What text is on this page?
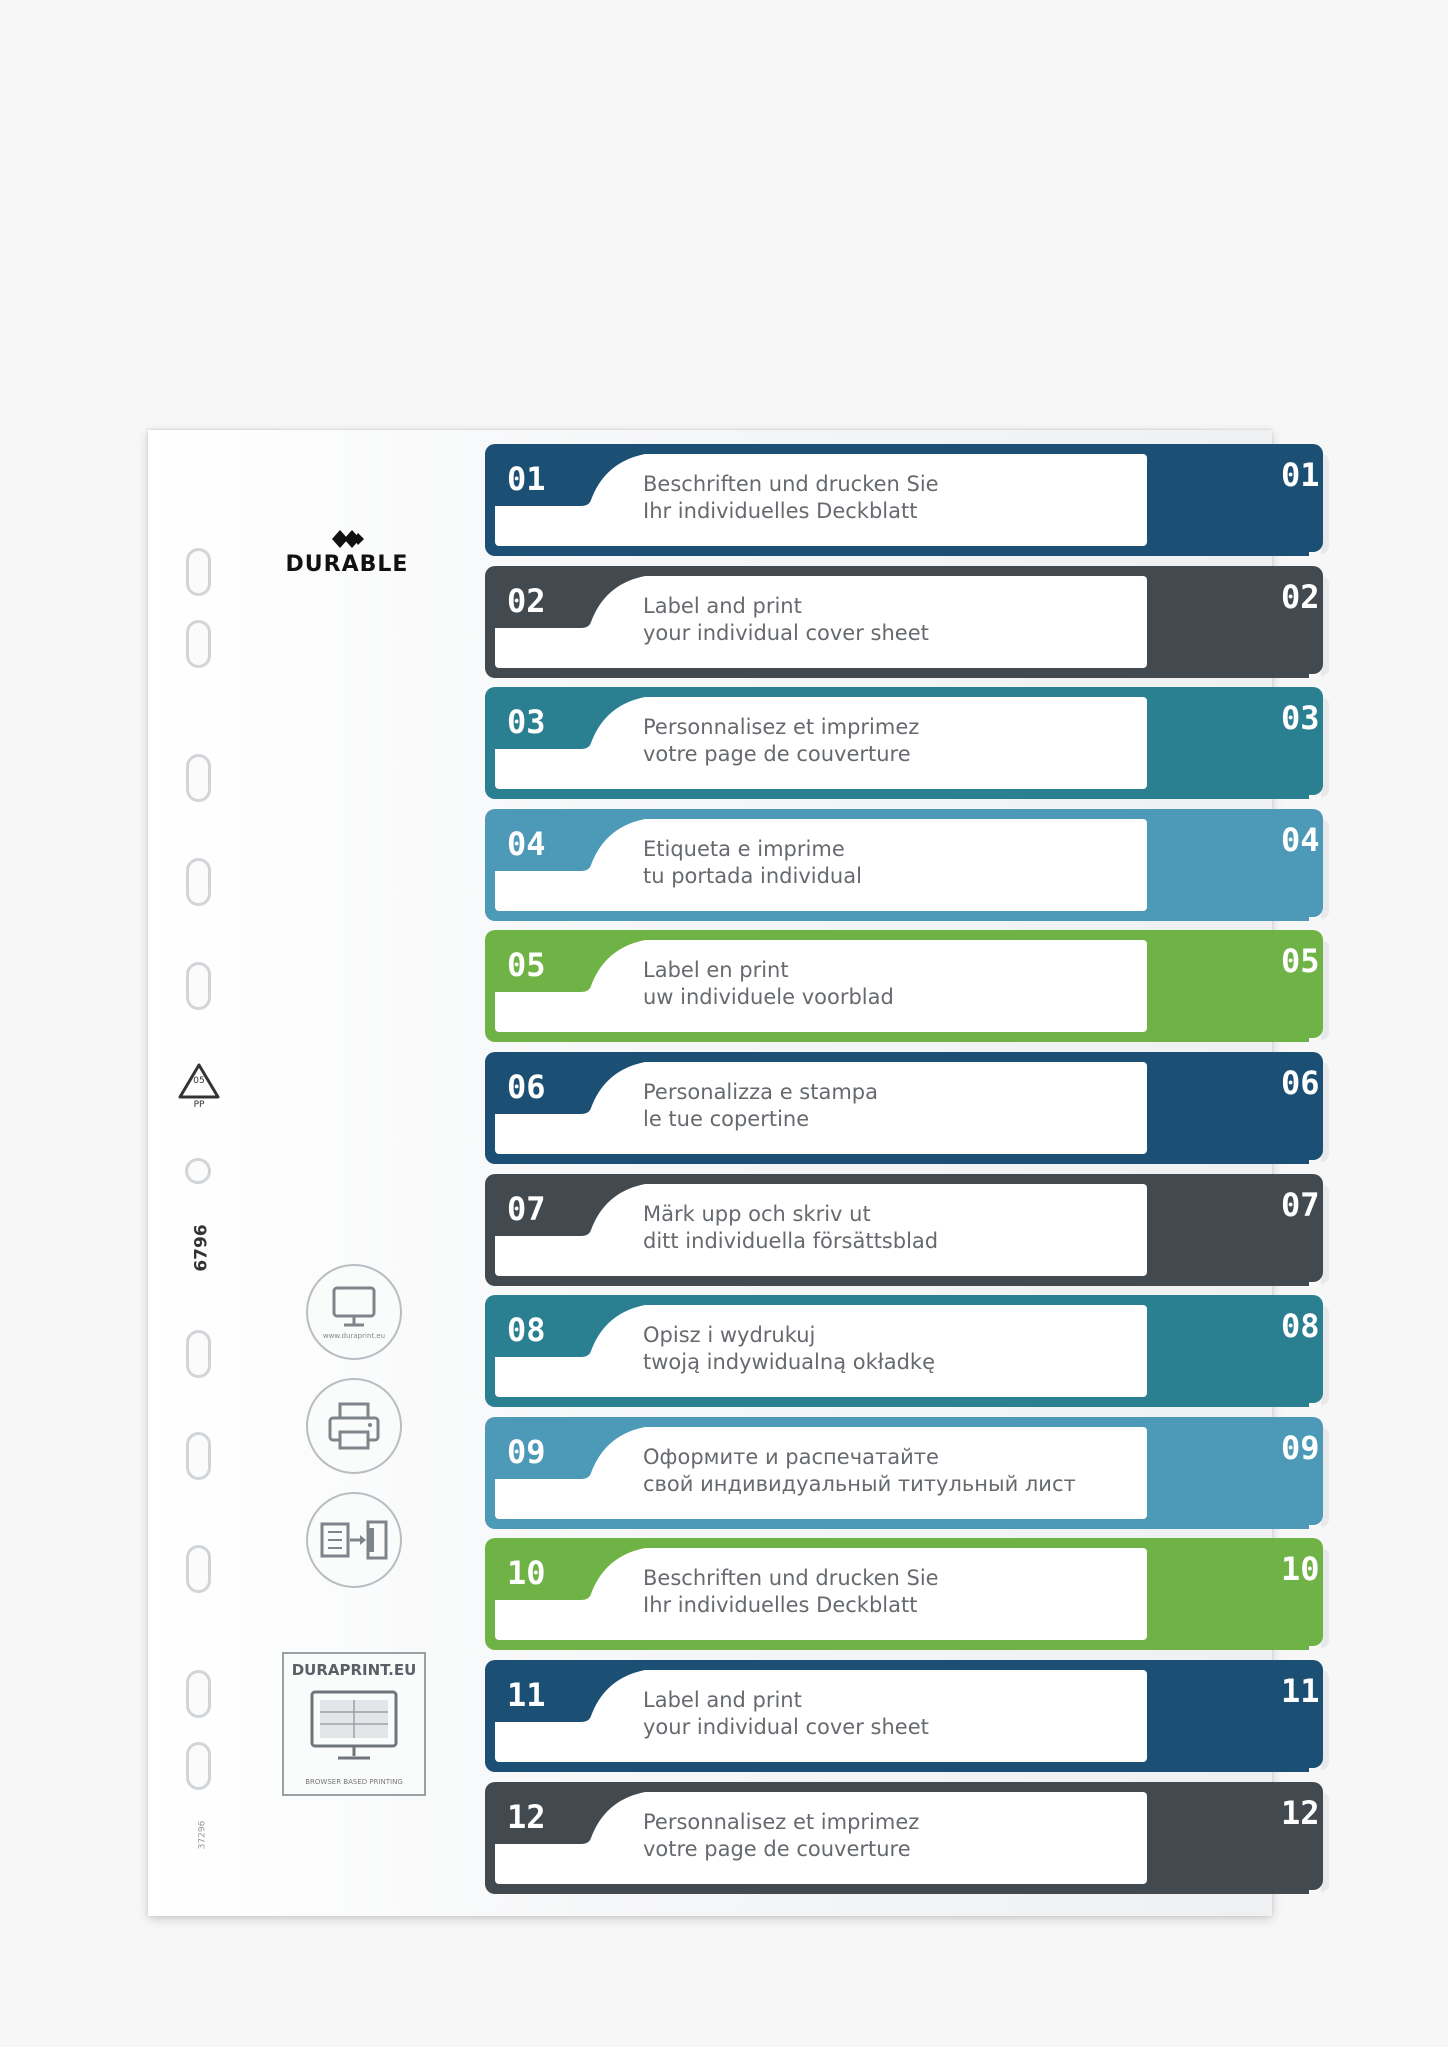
DURABLE
05
PP
6796
37296
www.duraprint.eu
DURAPRINT.EU
BROWSER BASED PRINTING
01	Beschriften und drucken Sie
Ihr individuelles Deckblatt
01
02	Label and print
your individual cover sheet
02
03	Personnalisez et imprimez
votre page de couverture
03
04	Etiqueta e imprime
tu portada individual
04
05	Label en print
uw individuele voorblad
05
06	Personalizza e stampa
le tue copertine
06
07	Märk upp och skriv ut
ditt individuella försättsblad
07
08	Opisz i wydrukuj
twoją indywidualną okładkę
08
09	Оформите и распечатайте
свой индивидуальный титульный лист
09
10	Beschriften und drucken Sie
Ihr individuelles Deckblatt
10
11	Label and print
your individual cover sheet
11
12	Personnalisez et imprimez
votre page de couverture
12
